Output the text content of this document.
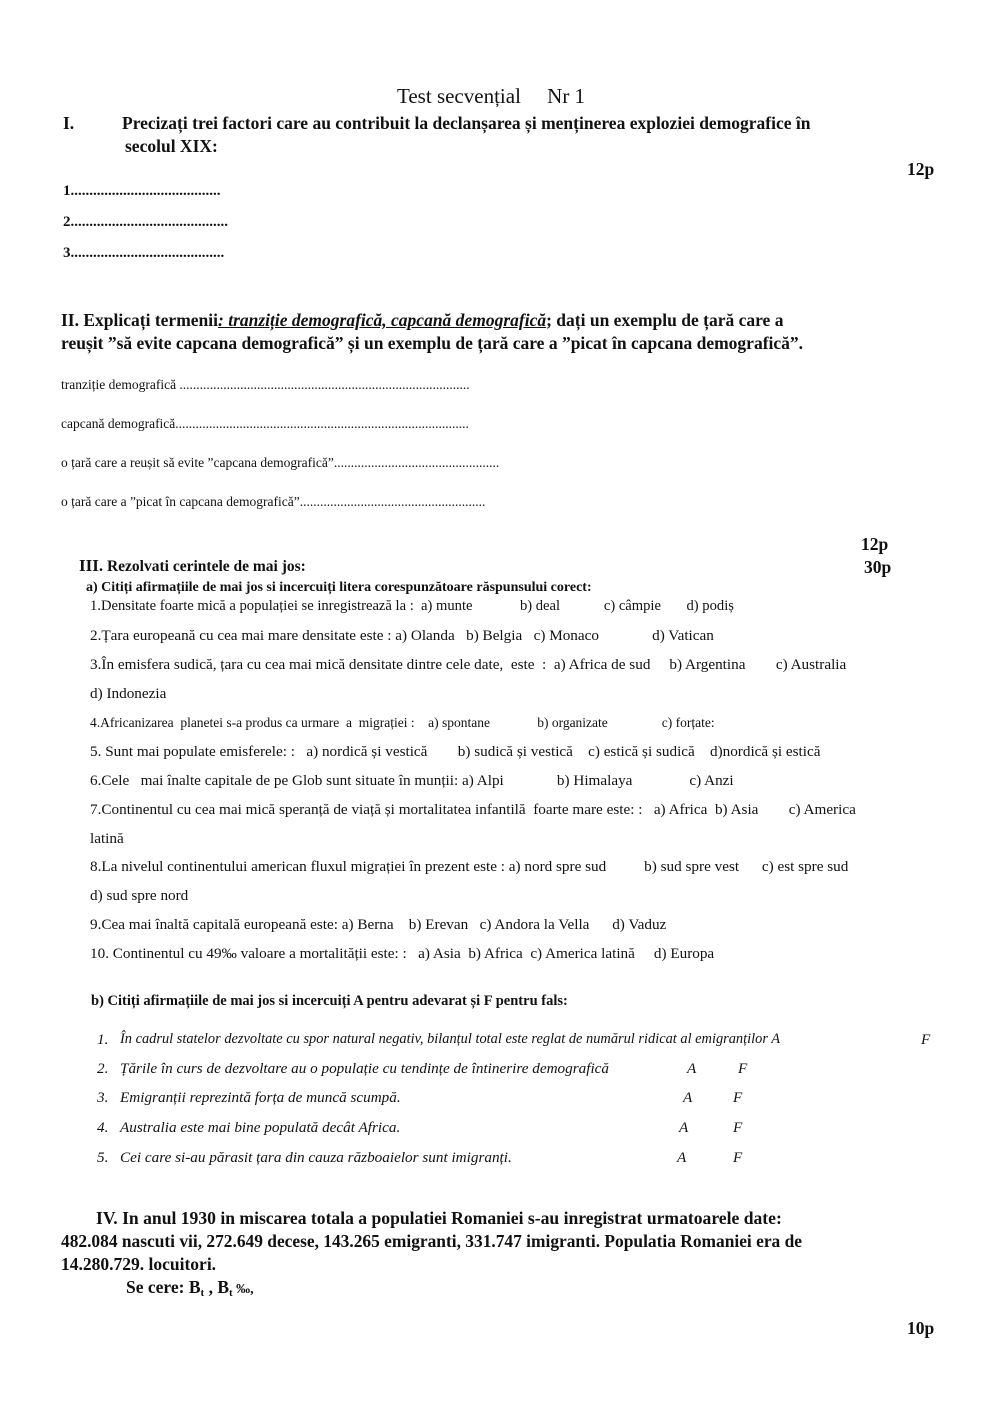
Test secvențial     Nr 1
I.	Precizați trei factori care au contribuit la declanșarea și menținerea exploziei demografice în
secolul XIX:
12p
1........................................
2..........................................
3.........................................
II. Explicați termenii: tranziție demografică, capcană demografică; dați un exemplu de țară care a
reușit ”să evite capcana demografică” și un exemplu de țară care a ”picat în capcana demografică”.
tranziție demografică ......................................................................................
capcană demografică.......................................................................................
o țară care a reușit să evite ”capcana demografică”.................................................
o țară care a ”picat în capcana demografică”.......................................................
12p
III. Rezolvati cerintele de mai jos:	30p
a) Citiți afirmațiile de mai jos si incercuiți litera corespunzătoare răspunsului corect:
1.Densitate foarte mică a populației se inregistrează la :  a) munte             b) deal            c) câmpie       d) podiș
2.Țara europeană cu cea mai mare densitate este : a) Olanda   b) Belgia   c) Monaco              d) Vatican
3.În emisfera sudică, țara cu cea mai mică densitate dintre cele date,  este  :  a) Africa de sud     b) Argentina        c) Australia
d) Indonezia
4.Africanizarea  planetei s-a produs ca urmare  a  migrației :    a) spontane              b) organizate                c) forțate:
5. Sunt mai populate emisferele: :   a) nordică și vestică        b) sudică și vestică    c) estică și sudică    d)nordică și estică
6.Cele   mai înalte capitale de pe Glob sunt situate în munții: a) Alpi              b) Himalaya               c) Anzi
7.Continentul cu cea mai mică speranță de viață și mortalitatea infantilă  foarte mare este: :   a) Africa  b) Asia        c) America
latină
8.La nivelul continentului american fluxul migrației în prezent este : a) nord spre sud          b) sud spre vest      c) est spre sud
d) sud spre nord
9.Cea mai înaltă capitală europeană este: a) Berna    b) Erevan   c) Andora la Vella      d) Vaduz
10. Continentul cu 49‰ valoare a mortalității este: :   a) Asia  b) Africa  c) America latină     d) Europa
b) Citiți afirmațiile de mai jos si incercuiți A pentru adevarat și F pentru fals:
1. În cadrul statelor dezvoltate cu spor natural negativ, bilanțul total este reglat de numărul ridicat al emigranților A	F
2. Țările în curs de dezvoltare au o populație cu tendințe de întinerire demografică	A	F
3. Emigranții reprezintă forța de muncă scumpă.	A	F
4. Australia este mai bine populată decât Africa.	A	F
5. Cei care si-au părasit țara din cauza războaielor sunt imigranți.	A	F
IV. In anul 1930 in miscarea totala a populatiei Romaniei s-au inregistrat urmatoarele date:
482.084 nascuti vii, 272.649 decese, 143.265 emigranti, 331.747 imigranti. Populatia Romaniei era de
14.280.729. locuitori.
Se cere: $B_t$ , $B_t$ ‰,
10p
